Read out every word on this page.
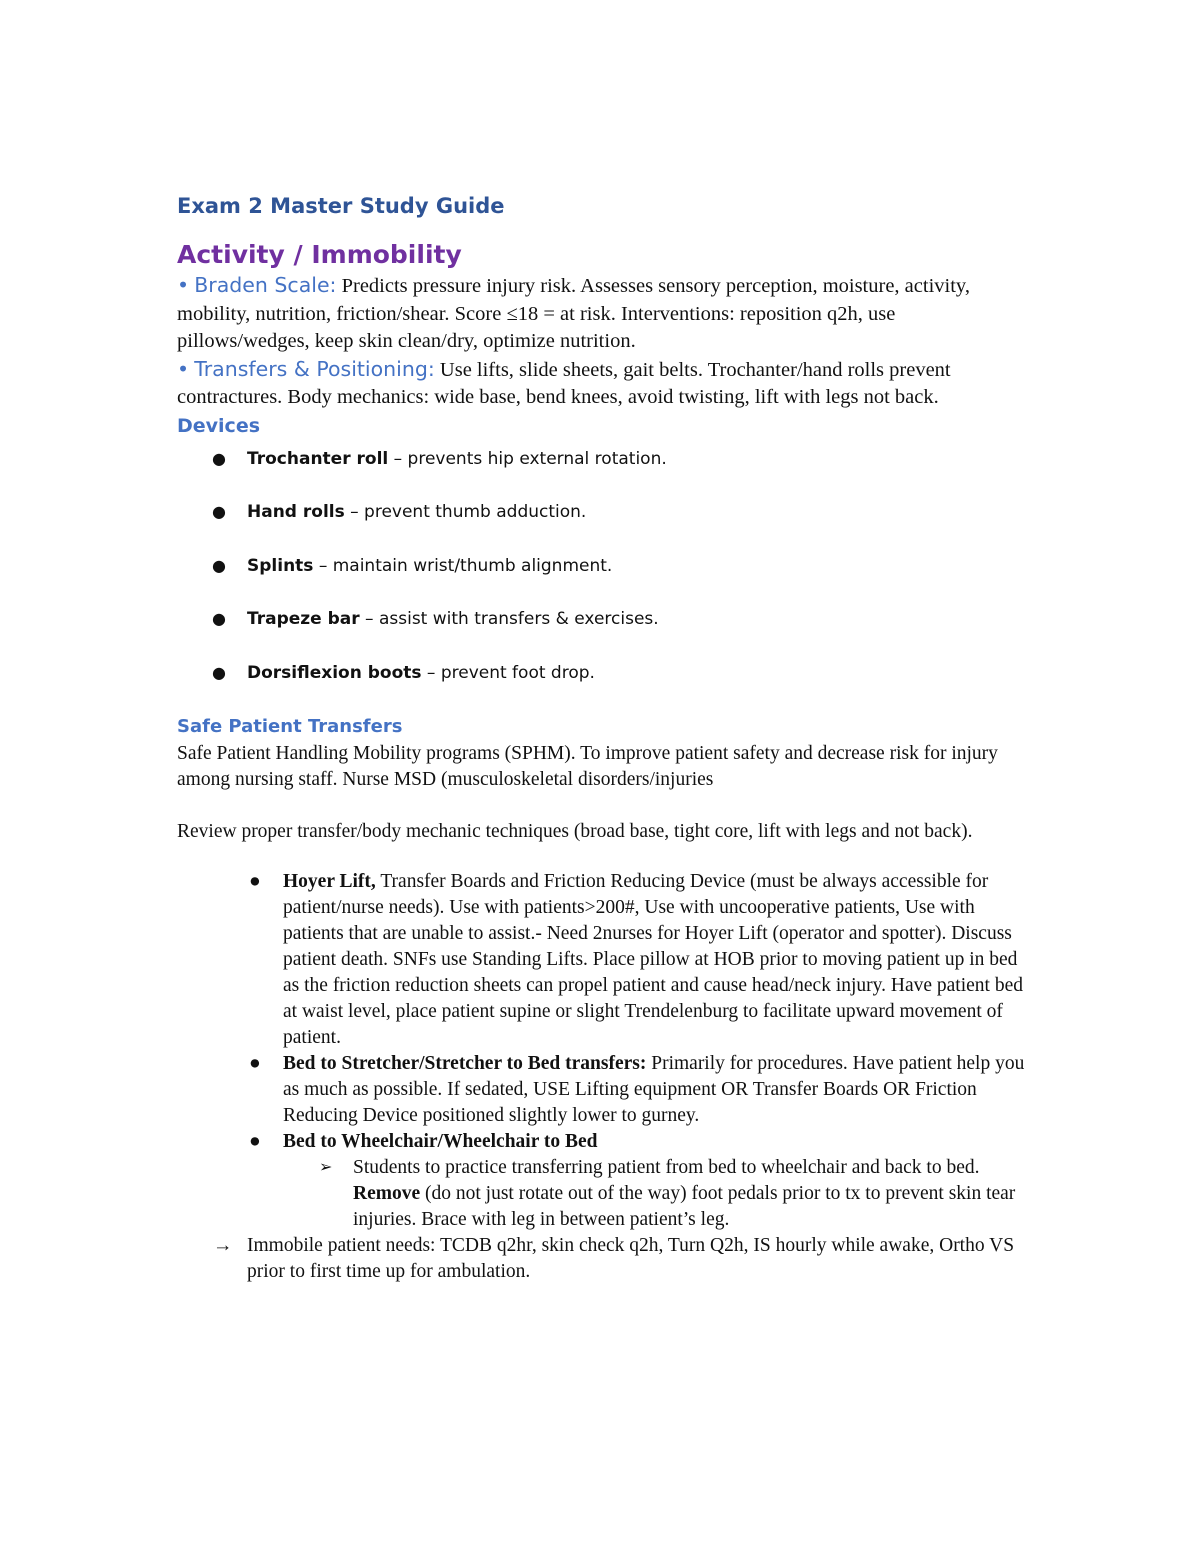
Exam 2 Master Study Guide
Activity / Immobility

• Braden Scale: Predicts pressure injury risk. Assesses sensory perception, moisture, activity, mobility, nutrition, friction/shear. Score ≤18 = at risk. Interventions: reposition q2h, use pillows/wedges, keep skin clean/dry, optimize nutrition.

• Transfers & Positioning: Use lifts, slide sheets, gait belts. Trochanter/hand rolls prevent contractures. Body mechanics: wide base, bend knees, avoid twisting, lift with legs not back.

Devices
● Trochanter roll – prevents hip external rotation.
● Hand rolls – prevent thumb adduction.
● Splints – maintain wrist/thumb alignment.
● Trapeze bar – assist with transfers & exercises.
● Dorsiflexion boots – prevent foot drop.
Safe Patient Transfers

Safe Patient Handling Mobility programs (SPHM). To improve patient safety and decrease risk for injury among nursing staff. Nurse MSD (musculoskeletal disorders/injuries

Review proper transfer/body mechanic techniques (broad base, tight core, lift with legs and not back).

● Hoyer Lift, Transfer Boards and Friction Reducing Device (must be always accessible for patient/nurse needs). Use with patients>200#, Use with uncooperative patients, Use with patients that are unable to assist.- Need 2nurses for Hoyer Lift (operator and spotter). Discuss patient death. SNFs use Standing Lifts. Place pillow at HOB prior to moving patient up in bed as the friction reduction sheets can propel patient and cause head/neck injury. Have patient bed at waist level, place patient supine or slight Trendelenburg to facilitate upward movement of patient.
● Bed to Stretcher/Stretcher to Bed transfers: Primarily for procedures. Have patient help you as much as possible. If sedated, USE Lifting equipment OR Transfer Boards OR Friction Reducing Device positioned slightly lower to gurney.
● Bed to Wheelchair/Wheelchair to Bed
➢ Students to practice transferring patient from bed to wheelchair and back to bed. Remove (do not just rotate out of the way) foot pedals prior to tx to prevent skin tear injuries. Brace with leg in between patient’s leg.

→ Immobile patient needs: TCDB q2hr, skin check q2h, Turn Q2h, IS hourly while awake, Ortho VS prior to first time up for ambulation.
